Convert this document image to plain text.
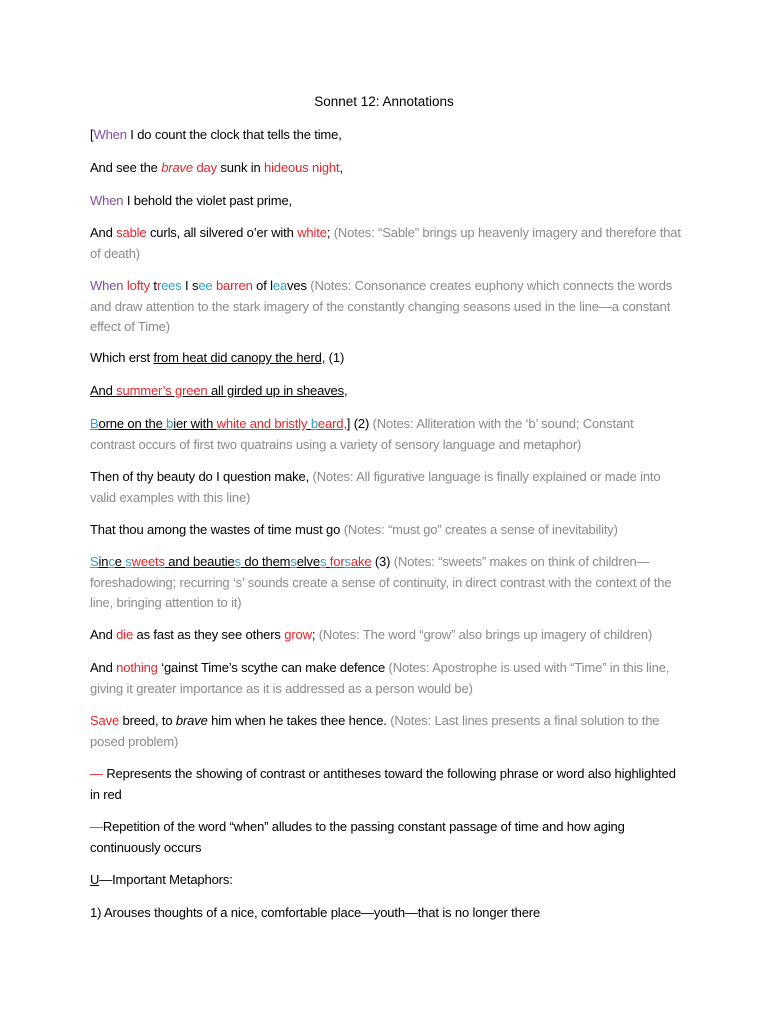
Sonnet 12: Annotations
[When I do count the clock that tells the time,
And see the brave day sunk in hideous night,
When I behold the violet past prime,
And sable curls, all silvered o’er with white; (Notes: “Sable” brings up heavenly imagery and therefore that of death)
When lofty trees I see barren of leaves (Notes: Consonance creates euphony which connects the words and draw attention to the stark imagery of the constantly changing seasons used in the line—a constant effect of Time)
Which erst from heat did canopy the herd, (1)
And summer’s green all girded up in sheaves,
Borne on the bier with white and bristly beard,] (2) (Notes: Alliteration with the ‘b’ sound; Constant contrast occurs of first two quatrains using a variety of sensory language and metaphor)
Then of thy beauty do I question make, (Notes: All figurative language is finally explained or made into valid examples with this line)
That thou among the wastes of time must go (Notes: “must go” creates a sense of inevitability)
Since sweets and beauties do themselves forsake (3) (Notes: “sweets” makes on think of children—foreshadowing; recurring ‘s’ sounds create a sense of continuity, in direct contrast with the context of the line, bringing attention to it)
And die as fast as they see others grow; (Notes: The word “grow” also brings up imagery of children)
And nothing ‘gainst Time’s scythe can make defence (Notes: Apostrophe is used with “Time” in this line, giving it greater importance as it is addressed as a person would be)
Save breed, to brave him when he takes thee hence. (Notes: Last lines presents a final solution to the posed problem)
— Represents the showing of contrast or antitheses toward the following phrase or word also highlighted in red
—Repetition of the word “when” alludes to the passing constant passage of time and how aging continuously occurs
U—Important Metaphors:
1) Arouses thoughts of a nice, comfortable place—youth—that is no longer there
